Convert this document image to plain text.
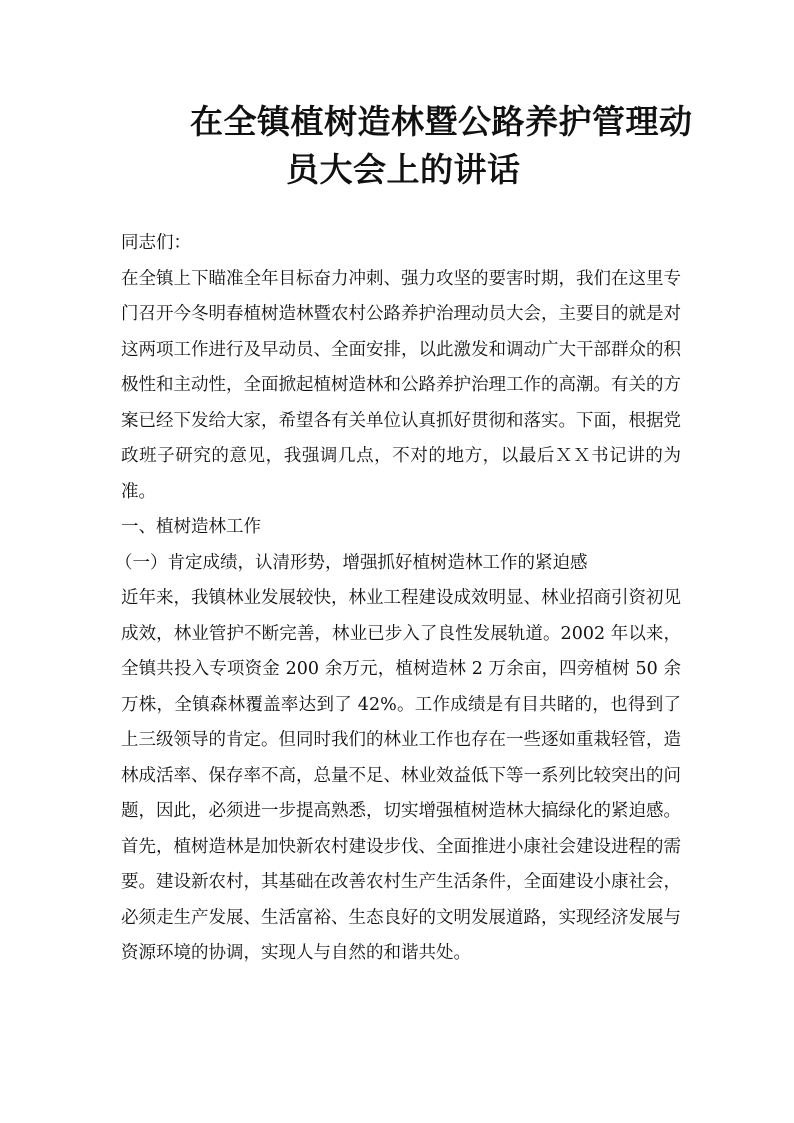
在全镇植树造林暨公路养护管理动
员大会上的讲话

同志们：

在全镇上下瞄准全年目标奋力冲刺、强力攻坚的要害时期，我们在这里专门召开今冬明春植树造林暨农村公路养护治理动员大会，主要目的就是对这两项工作进行及早动员、全面安排，以此激发和调动广大干部群众的积极性和主动性，全面掀起植树造林和公路养护治理工作的高潮。有关的方案已经下发给大家，希望各有关单位认真抓好贯彻和落实。下面，根据党政班子研究的意见，我强调几点，不对的地方，以最后ＸＸ书记讲的为准。

一、植树造林工作

（一）肯定成绩，认清形势，增强抓好植树造林工作的紧迫感

近年来，我镇林业发展较快，林业工程建设成效明显、林业招商引资初见成效，林业管护不断完善，林业已步入了良性发展轨道。2002 年以来，全镇共投入专项资金 200 余万元，植树造林 2 万余亩，四旁植树 50 余万株，全镇森林覆盖率达到了 42%。工作成绩是有目共睹的，也得到了上三级领导的肯定。但同时我们的林业工作也存在一些逐如重栽轻管，造林成活率、保存率不高，总量不足、林业效益低下等一系列比较突出的问题，因此，必须进一步提高熟悉，切实增强植树造林大搞绿化的紧迫感。

首先，植树造林是加快新农村建设步伐、全面推进小康社会建设进程的需要。建设新农村，其基础在改善农村生产生活条件，全面建设小康社会，必须走生产发展、生活富裕、生态良好的文明发展道路，实现经济发展与资源环境的协调，实现人与自然的和谐共处。
